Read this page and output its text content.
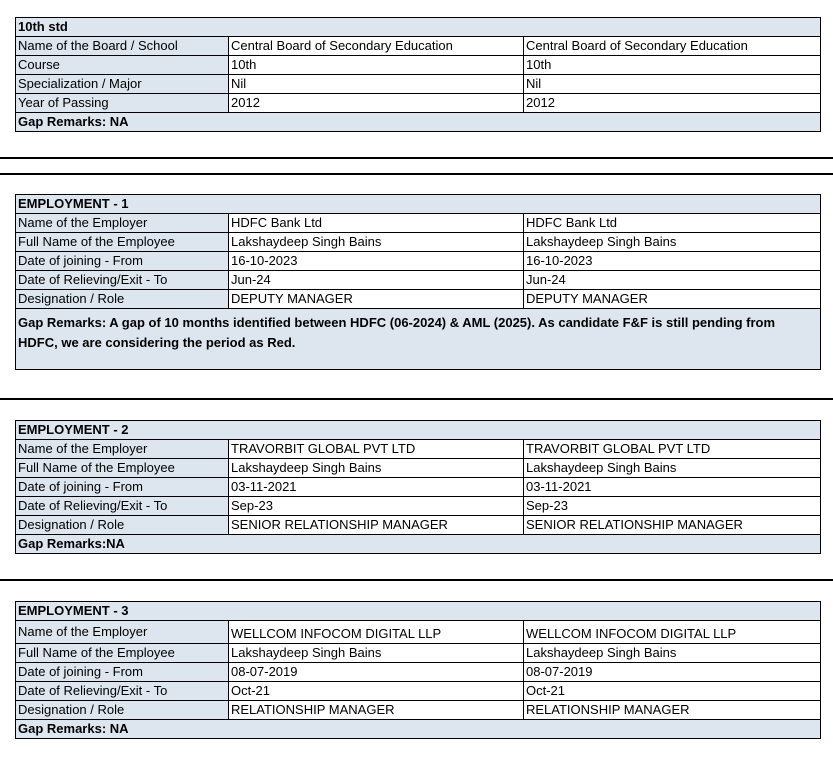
10th std		
Name of the Board / School	Central Board of Secondary Education	Central Board of Secondary Education
Course	10th	10th
Specialization / Major	Nil	Nil
Year of Passing	2012	2012
Gap Remarks: NA		
EMPLOYMENT - 1		
Name of the Employer	HDFC Bank Ltd	HDFC Bank Ltd
Full Name of the Employee	Lakshaydeep Singh Bains	Lakshaydeep Singh Bains
Date of joining - From	16-10-2023	16-10-2023
Date of Relieving/Exit - To	Jun-24	Jun-24
Designation / Role	DEPUTY MANAGER	DEPUTY MANAGER
Gap Remarks: A gap of 10 months identified between HDFC (06-2024) & AML (2025). As candidate F&F is still pending from HDFC, we are considering the period as Red.		
EMPLOYMENT - 2		
Name of the Employer	TRAVORBIT GLOBAL PVT LTD	TRAVORBIT GLOBAL PVT LTD
Full Name of the Employee	Lakshaydeep Singh Bains	Lakshaydeep Singh Bains
Date of joining - From	03-11-2021	03-11-2021
Date of Relieving/Exit - To	Sep-23	Sep-23
Designation / Role	SENIOR RELATIONSHIP MANAGER	SENIOR RELATIONSHIP MANAGER
Gap Remarks:NA		
EMPLOYMENT - 3		
Name of the Employer	WELLCOM INFOCOM DIGITAL LLP	WELLCOM INFOCOM DIGITAL LLP
Full Name of the Employee	Lakshaydeep Singh Bains	Lakshaydeep Singh Bains
Date of joining - From	08-07-2019	08-07-2019
Date of Relieving/Exit - To	Oct-21	Oct-21
Designation / Role	RELATIONSHIP MANAGER	RELATIONSHIP MANAGER
Gap Remarks: NA		
